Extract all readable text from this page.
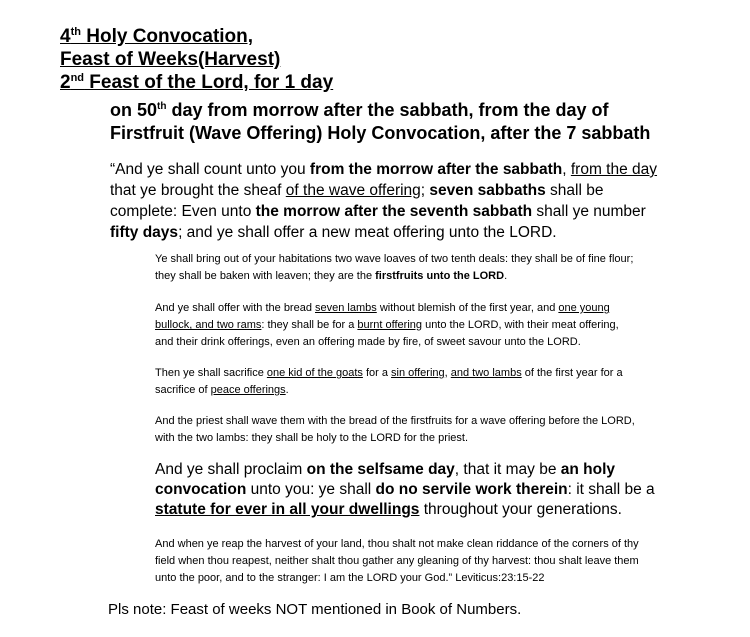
4th Holy Convocation,
Feast of Weeks(Harvest)
2nd Feast of the Lord, for 1 day
on 50th day from morrow after the sabbath, from the day of
Firstfruit (Wave Offering) Holy Convocation, after the 7 sabbath
“And ye shall count unto you from the morrow after the sabbath, from the day
that ye brought the sheaf of the wave offering; seven sabbaths shall be
complete: Even unto the morrow after the seventh sabbath shall ye number
fifty days; and ye shall offer a new meat offering unto the LORD.
Ye shall bring out of your habitations two wave loaves of two tenth deals: they shall be of fine flour;
they shall be baken with leaven; they are the firstfruits unto the LORD.
And ye shall offer with the bread seven lambs without blemish of the first year, and one young
bullock, and two rams: they shall be for a burnt offering unto the LORD, with their meat offering,
and their drink offerings, even an offering made by fire, of sweet savour unto the LORD.
Then ye shall sacrifice one kid of the goats for a sin offering, and two lambs of the first year for a
sacrifice of peace offerings.
And the priest shall wave them with the bread of the firstfruits for a wave offering before the LORD,
with the two lambs: they shall be holy to the LORD for the priest.
And ye shall proclaim on the selfsame day, that it may be an holy
convocation unto you: ye shall do no servile work therein: it shall be a
statute for ever in all your dwellings throughout your generations.
And when ye reap the harvest of your land, thou shalt not make clean riddance of the corners of thy
field when thou reapest, neither shalt thou gather any gleaning of thy harvest: thou shalt leave them
unto the poor, and to the stranger: I am the LORD your God.” Leviticus:23:15-22
Pls note: Feast of weeks NOT mentioned in Book of Numbers.
